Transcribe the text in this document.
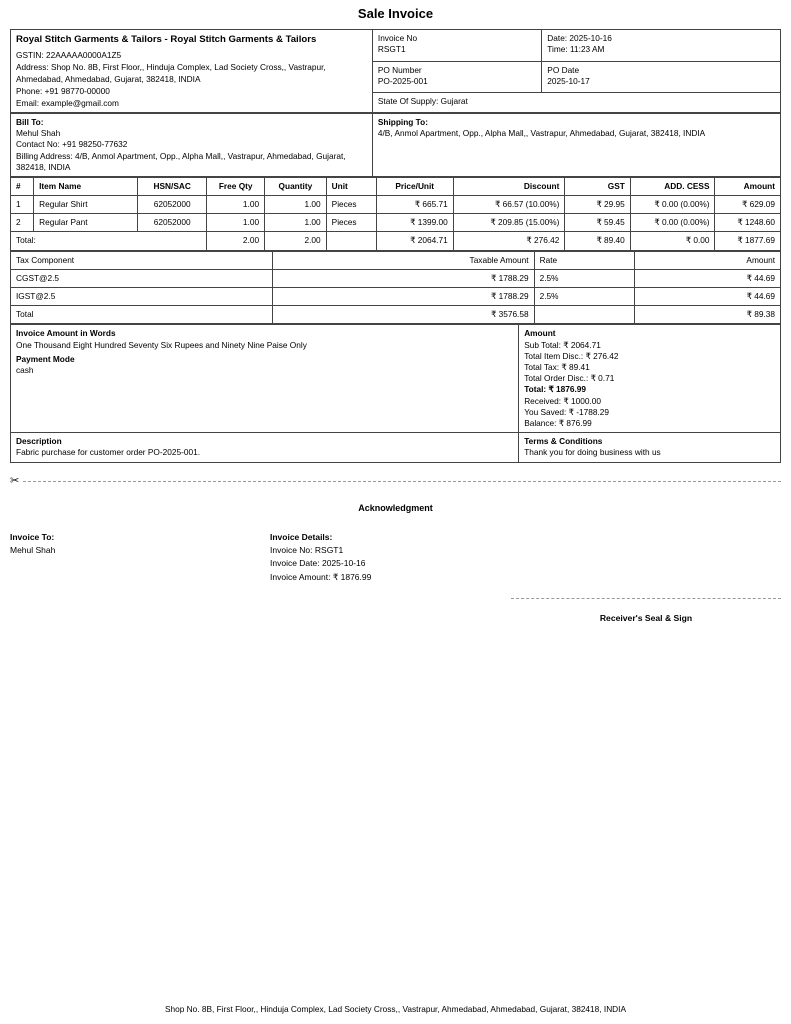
Sale Invoice
Royal Stitch Garments & Tailors - Royal Stitch Garments & Tailors
GSTIN: 22AAAAA0000A1Z5
Address: Shop No. 8B, First Floor,, Hinduja Complex, Lad Society Cross,, Vastrapur, Ahmedabad, Ahmedabad, Gujarat, 382418, INDIA
Phone: +91 98770-00000
Email: example@gmail.com

Invoice No
RSGT1

Date: 2025-10-16
Time: 11:23 AM

PO Number
PO-2025-001

PO Date
2025-10-17

	State Of Supply: Gujarat	
Bill To:
Mehul Shah
Contact No: +91 98250-77632
Billing Address: 4/B, Anmol Apartment, Opp., Alpha Mall,, Vastrapur, Ahmedabad, Gujarat, 382418, INDIA

Shipping To:
4/B, Anmol Apartment, Opp., Alpha Mall,, Vastrapur, Ahmedabad, Gujarat, 382418, INDIA
#	Item Name	HSN/SAC	Free Qty	Quantity	Unit	Price/Unit	Discount	GST	ADD. CESS	Amount
1	Regular Shirt	62052000	1.00	1.00	Pieces	₹ 665.71	₹ 66.57 (10.00%)	₹ 29.95	₹ 0.00 (0.00%)	₹ 629.09
2	Regular Pant	62052000	1.00	1.00	Pieces	₹ 1399.00	₹ 209.85 (15.00%)	₹ 59.45	₹ 0.00 (0.00%)	₹ 1248.60
Total:			2.00	2.00		₹ 2064.71	₹ 276.42	₹ 89.40	₹ 0.00	₹ 1877.69
Tax Component	Taxable Amount	Rate	Amount
CGST@2.5	₹ 1788.29	2.5%	₹ 44.69
IGST@2.5	₹ 1788.29	2.5%	₹ 44.69
Total	₹ 3576.58		₹ 89.38
Invoice Amount in Words
One Thousand Eight Hundred Seventy Six Rupees and Ninety Nine Paise Only
Payment Mode
cash

Amount
Sub Total: ₹ 2064.71
Total Item Disc.: ₹ 276.42
Total Tax: ₹ 89.41
Total Order Disc.: ₹ 0.71
Total: ₹ 1876.99
Received: ₹ 1000.00
You Saved: ₹ -1788.29
Balance: ₹ 876.99

Description
Fabric purchase for customer order PO-2025-001.

Terms & Conditions
Thank you for doing business with us
✂
Acknowledgment
Invoice To:
Mehul Shah
Invoice Details:
Invoice No: RSGT1
Invoice Date: 2025-10-16
Invoice Amount: ₹ 1876.99
Receiver's Seal & Sign
Shop No. 8B, First Floor,, Hinduja Complex, Lad Society Cross,, Vastrapur, Ahmedabad, Ahmedabad, Gujarat, 382418, INDIA
